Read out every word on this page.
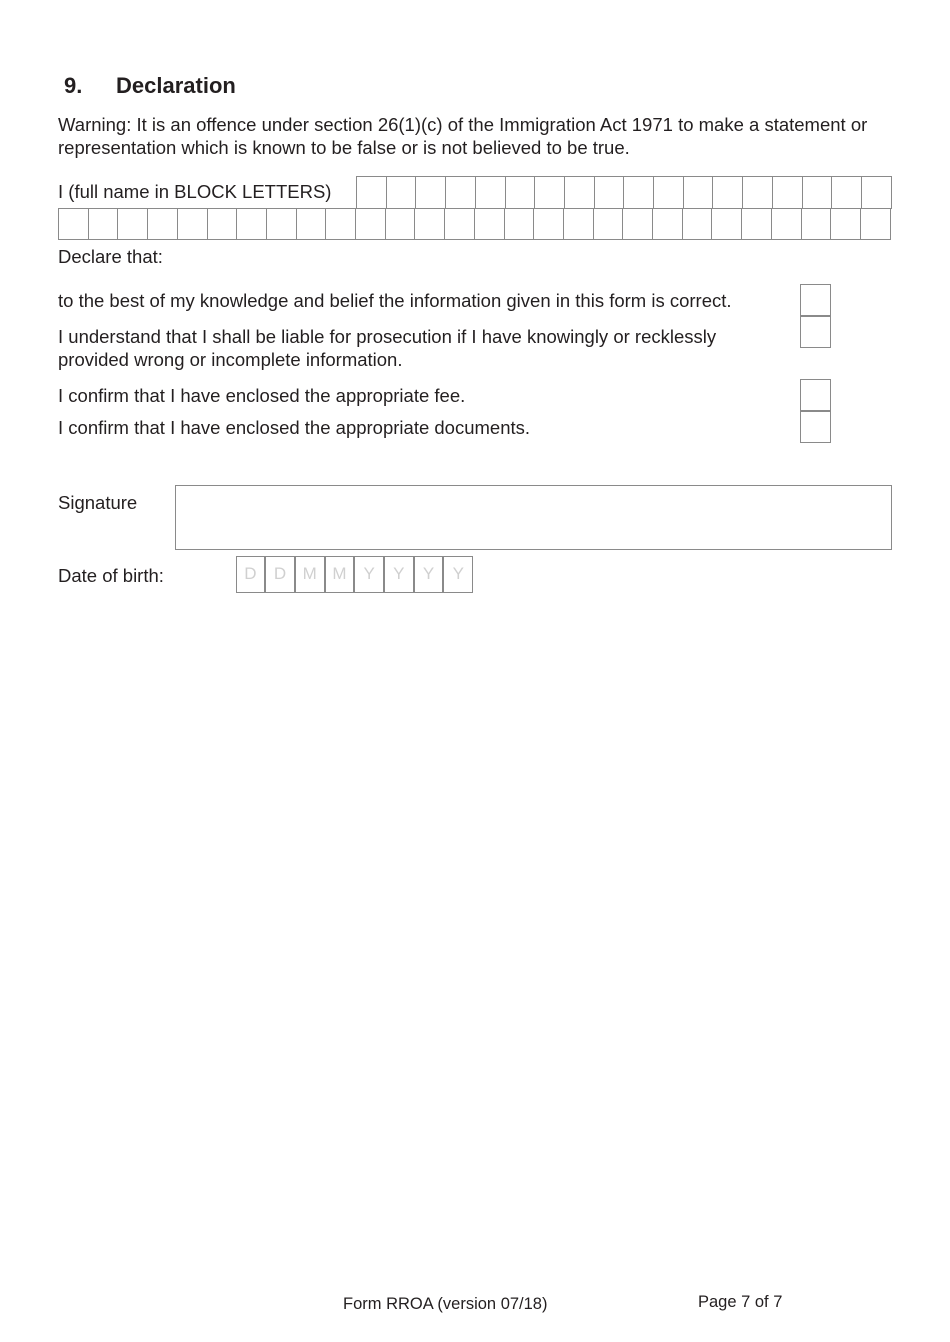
9. Declaration
Warning: It is an offence under section 26(1)(c) of the Immigration Act 1971 to make a statement or representation which is known to be false or is not believed to be true.
I (full name in BLOCK LETTERS)
Declare that:
to the best of my knowledge and belief the information given in this form is correct.
I understand that I shall be liable for prosecution if I have knowingly or recklessly provided wrong or incomplete information.
I confirm that I have enclosed the appropriate fee.
I confirm that I have enclosed the appropriate documents.
Signature
Date of birth:	D	D M M Y	Y	Y	Y
Form RROA (version 07/18)	Page 7 of 7
